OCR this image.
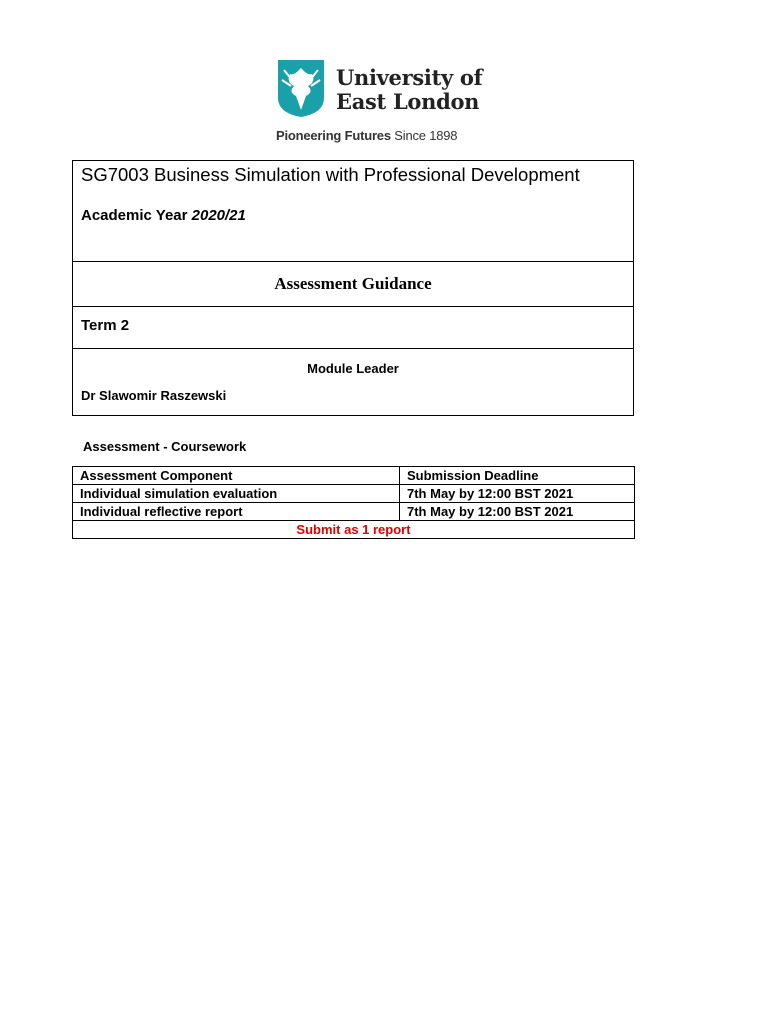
University of
East London
Pioneering Futures Since 1898
SG7003 Business Simulation with Professional Development
Academic Year 2020/21
Assessment Guidance
Term 2
Module Leader
Dr Slawomir Raszewski
Assessment - Coursework
Assessment Component	Submission Deadline
Individual simulation evaluation	7th May by 12:00 BST 2021
Individual reflective report	7th May by 12:00 BST 2021
Submit as 1 report	
